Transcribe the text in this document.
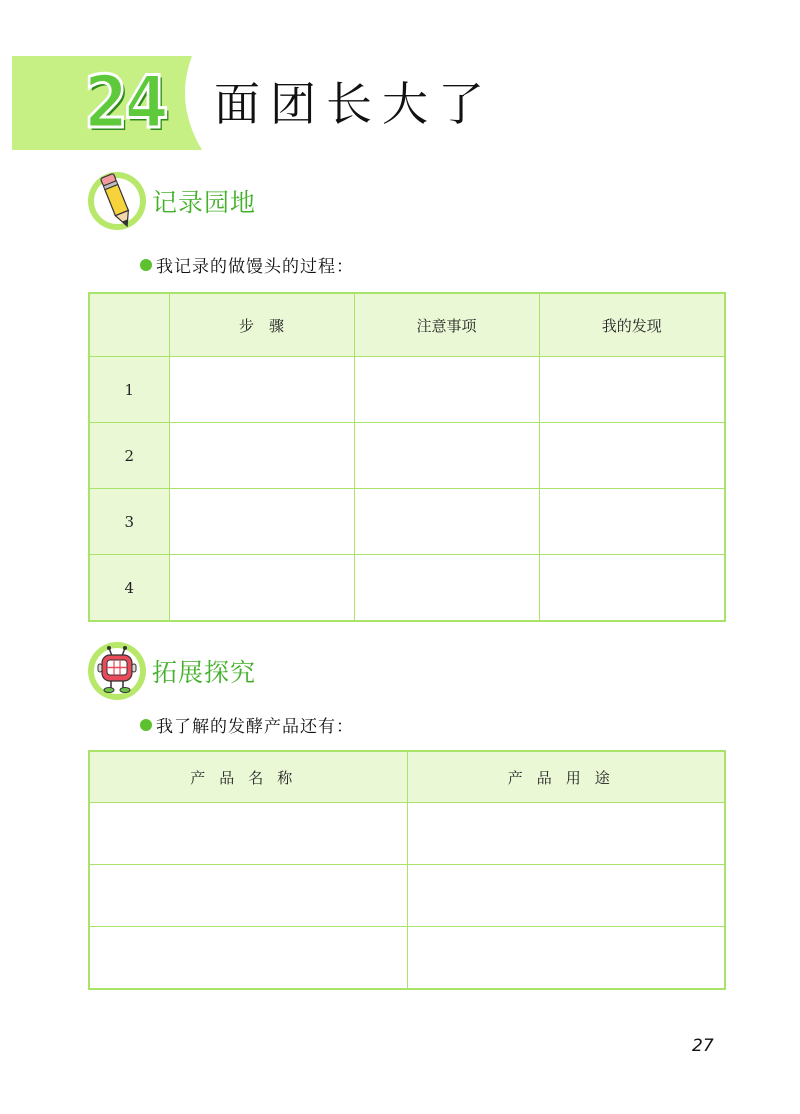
24 面团长大了
记录园地
我记录的做馒头的过程：
	步　骤	注意事项	我的发现
1			
2			
3			
4			
拓展探究
我了解的发酵产品还有：
产品名称	产品用途

27
